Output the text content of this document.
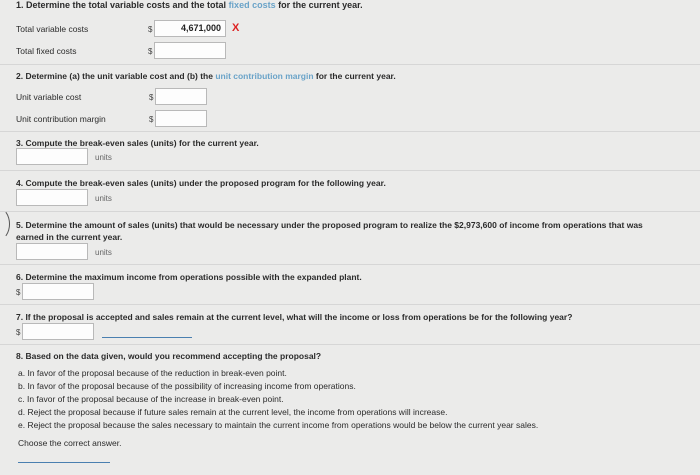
1. Determine the total variable costs and the total fixed costs for the current year.
Total variable costs	$	4,671,000 X
Total fixed costs	$
2. Determine (a) the unit variable cost and (b) the unit contribution margin for the current year.
Unit variable cost	$
Unit contribution margin	$
3. Compute the break-even sales (units) for the current year.
units
4. Compute the break-even sales (units) under the proposed program for the following year.
units
5. Determine the amount of sales (units) that would be necessary under the proposed program to realize the $2,973,600 of income from operations that was
earned in the current year.
units
6. Determine the maximum income from operations possible with the expanded plant.
$
7. If the proposal is accepted and sales remain at the current level, what will the income or loss from operations be for the following year?
$
8. Based on the data given, would you recommend accepting the proposal?
a. In favor of the proposal because of the reduction in break-even point.
b. In favor of the proposal because of the possibility of increasing income from operations.
c. In favor of the proposal because of the increase in break-even point.
d. Reject the proposal because if future sales remain at the current level, the income from operations will increase.
e. Reject the proposal because the sales necessary to maintain the current income from operations would be below the current year sales.
Choose the correct answer.
